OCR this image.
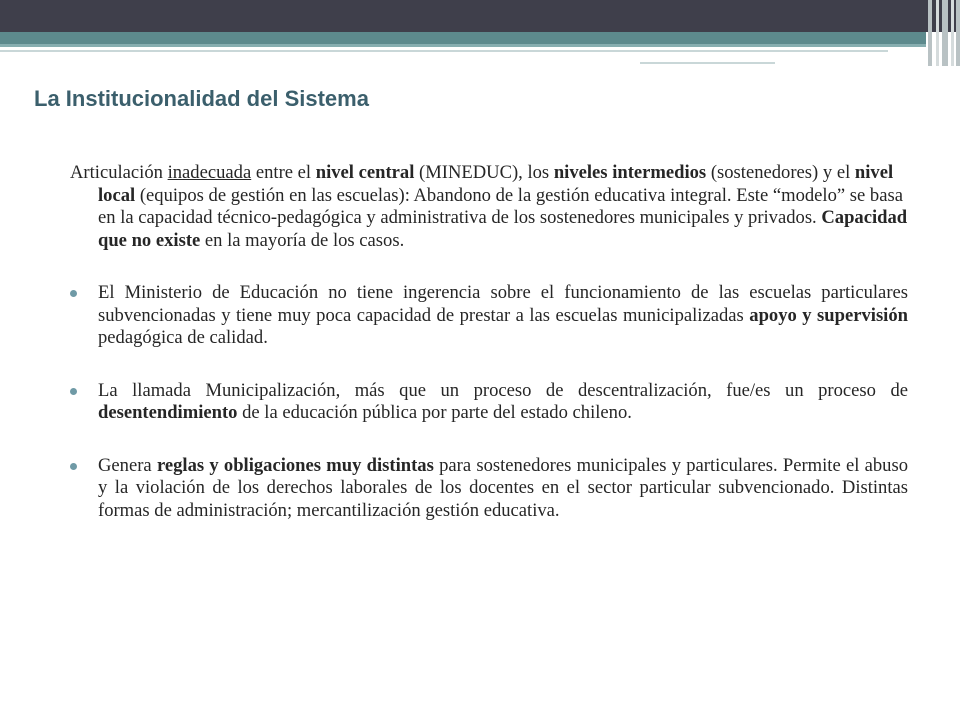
La Institucionalidad del Sistema

Articulación inadecuada entre el nivel central (MINEDUC), los niveles intermedios (sostenedores) y el nivel local (equipos de gestión en las escuelas): Abandono de la gestión educativa integral. Este “modelo” se basa en la capacidad técnico-pedagógica y administrativa de los sostenedores municipales y privados. Capacidad que no existe en la mayoría de los casos.

El Ministerio de Educación no tiene ingerencia sobre el funcionamiento de las escuelas particulares subvencionadas y tiene muy poca capacidad de prestar a las escuelas municipalizadas apoyo y supervisión pedagógica de calidad.

La llamada Municipalización, más que un proceso de descentralización, fue/es un proceso de desentendimiento de la educación pública por parte del estado chileno.

Genera reglas y obligaciones muy distintas para sostenedores municipales y particulares. Permite el abuso y la violación de los derechos laborales de los docentes en el sector particular subvencionado. Distintas formas de administración; mercantilización gestión educativa.
